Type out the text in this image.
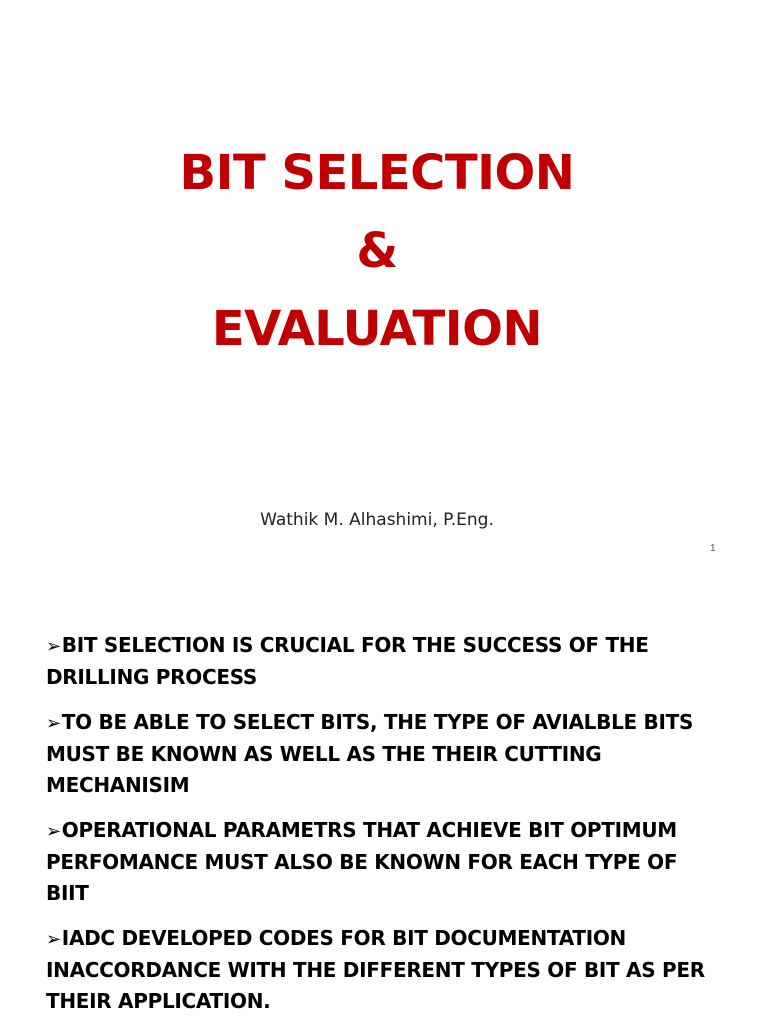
BIT SELECTION
&
EVALUATION
Wathik M. Alhashimi, P.Eng.
1
➢BIT SELECTION IS CRUCIAL FOR THE SUCCESS OF THE DRILLING PROCESS
➢TO BE ABLE TO SELECT BITS, THE TYPE OF AVIALBLE BITS MUST BE KNOWN AS WELL AS THE THEIR CUTTING MECHANISIM
➢OPERATIONAL PARAMETRS THAT ACHIEVE BIT OPTIMUM PERFOMANCE MUST ALSO BE KNOWN FOR EACH TYPE OF BIIT
➢IADC DEVELOPED CODES FOR BIT DOCUMENTATION INACCORDANCE WITH THE DIFFERENT TYPES OF BIT AS PER THEIR APPLICATION.
